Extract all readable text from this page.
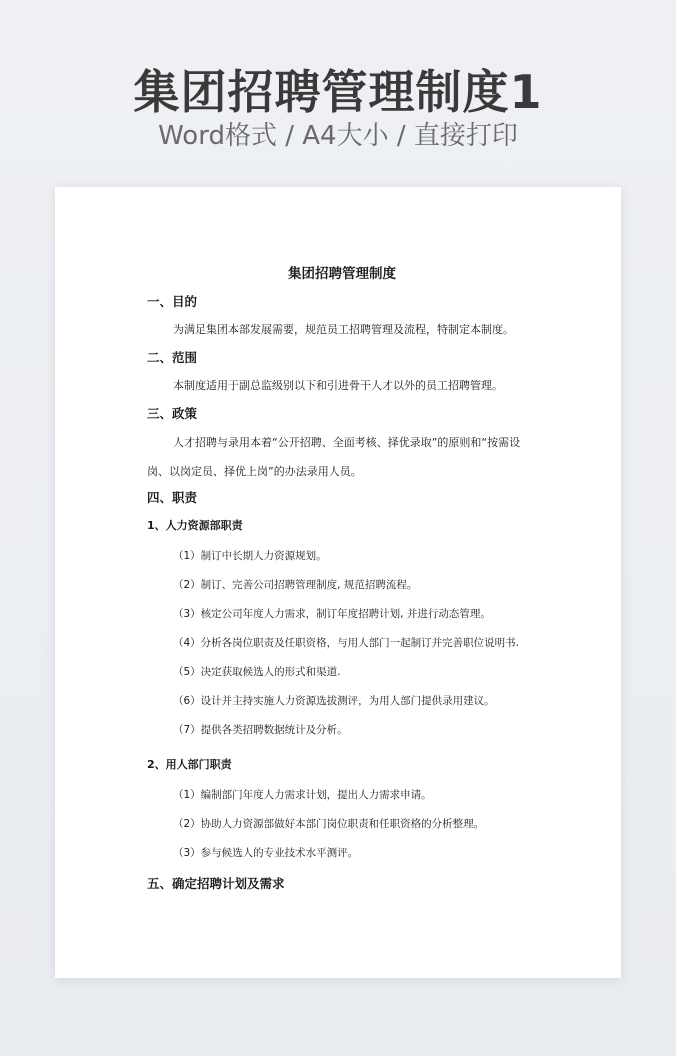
集团招聘管理制度1
Word格式 / A4大小 / 直接打印
集团招聘管理制度
一、目的
为满足集团本部发展需要，规范员工招聘管理及流程，特制定本制度。
二、范围
本制度适用于副总监级别以下和引进骨干人才以外的员工招聘管理。
三、政策
人才招聘与录用本着“公开招聘、全面考核、择优录取”的原则和“按需设岗、以岗定员、择优上岗”的办法录用人员。
四、职责
1、人力资源部职责
（1）制订中长期人力资源规划。
（2）制订、完善公司招聘管理制度, 规范招聘流程。
（3）核定公司年度人力需求，制订年度招聘计划, 并进行动态管理。
（4）分析各岗位职责及任职资格，与用人部门一起制订并完善职位说明书.
（5）决定获取候选人的形式和渠道.
（6）设计并主持实施人力资源选拔测评，为用人部门提供录用建议。
（7）提供各类招聘数据统计及分析。
2、用人部门职责
（1）编制部门年度人力需求计划，提出人力需求申请。
（2）协助人力资源部做好本部门岗位职责和任职资格的分析整理。
（3）参与候选人的专业技术水平测评。
五、确定招聘计划及需求
